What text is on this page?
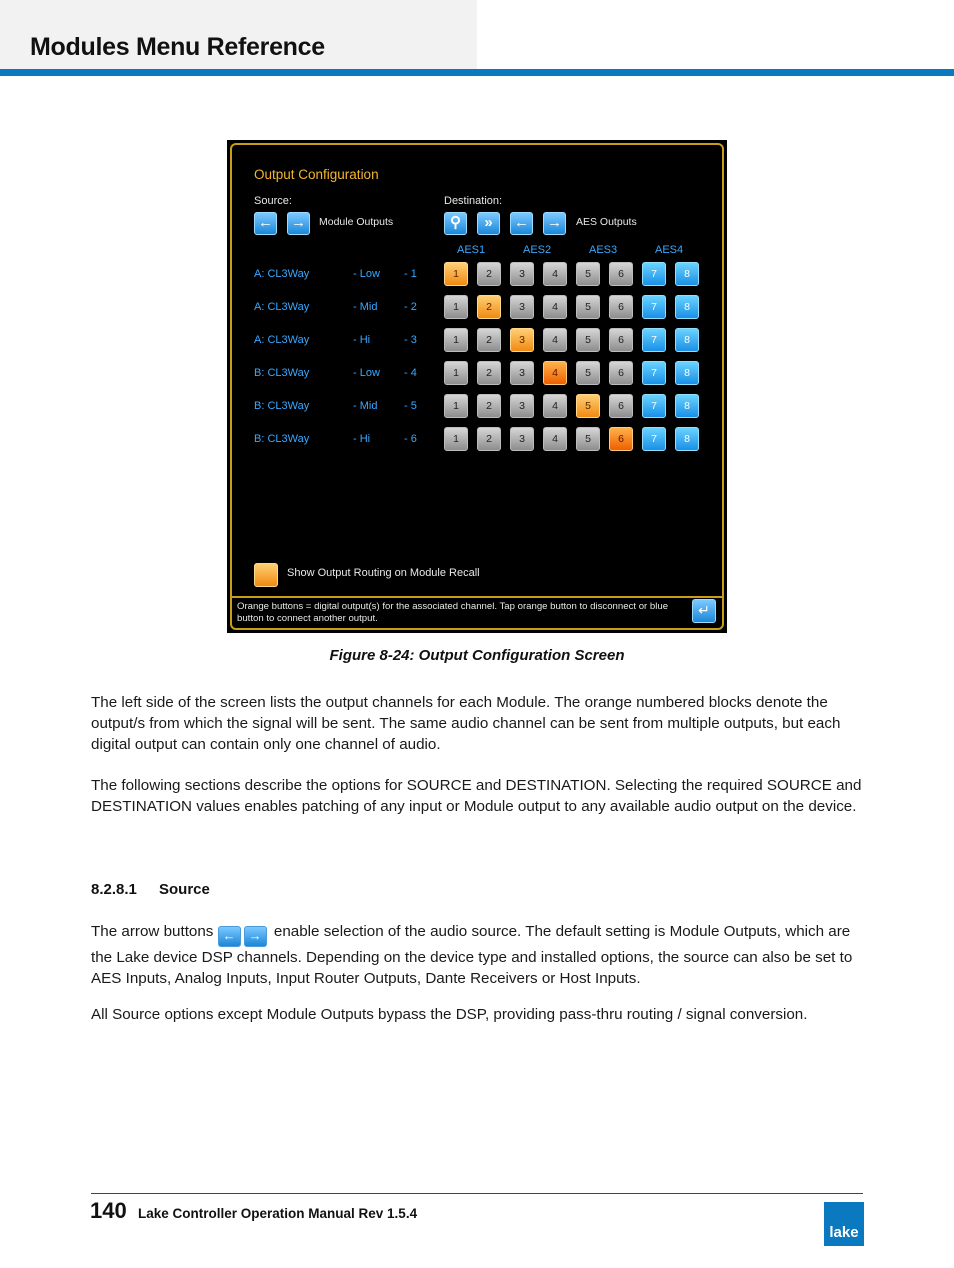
Modules Menu Reference
Output Configuration
Source:
← →	Module Outputs
Destination:
⚲	»	← →	AES Outputs
AES1	AES2	AES3	AES4
Show Output Routing on Module Recall
Orange buttons = digital output(s) for the associated channel. Tap orange button to disconnect or blue button to connect another output.
↵
A: CL3Way	- Low - 1	1	2	3	4	5	6	7	8
A: CL3Way	- Mid - 2	1	2	3	4	5	6	7	8
A: CL3Way	- Hi	- 3	1	2	3	4	5	6	7	8
B: CL3Way	- Low - 4	1	2	3	4	5	6	7	8
B: CL3Way	- Mid - 5	1	2	3	4	5	6	7	8
B: CL3Way	- Hi	- 6	1	2	3	4	5	6	7	8
Figure 8-24: Output Configuration Screen
The left side of the screen lists the output channels for each Module. The orange numbered blocks denote the output/s from which the signal will be sent. The same audio channel can be sent from multiple outputs, but each digital output can contain only one channel of audio.
The following sections describe the options for SOURCE and DESTINATION. Selecting the required SOURCE and DESTINATION values enables patching of any input or Module output to any available audio output on the device.
8.2.8.1 Source
The arrow buttons ← → enable selection of the audio source. The default setting is Module Outputs, which are the Lake device DSP channels. Depending on the device type and installed options, the source can also be set to AES Inputs, Analog Inputs, Input Router Outputs, Dante Receivers or Host Inputs.
All Source options except Module Outputs bypass the DSP, providing pass-thru routing / signal conversion.
140 Lake Controller Operation Manual Rev 1.5.4
lake
